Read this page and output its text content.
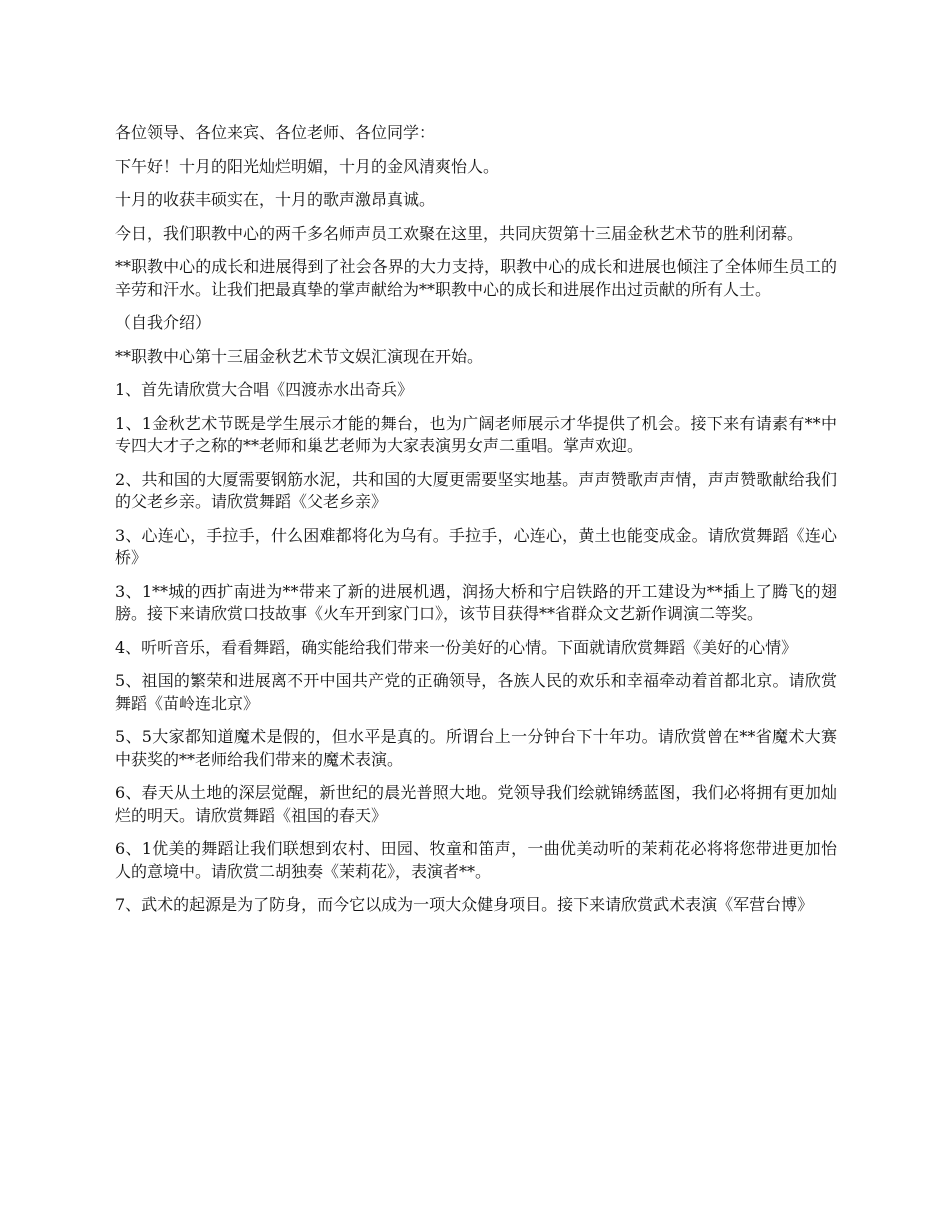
各位领导、各位来宾、各位老师、各位同学：

下午好！十月的阳光灿烂明媚，十月的金风清爽怡人。

十月的收获丰硕实在，十月的歌声激昂真诚。

今日，我们职教中心的两千多名师声员工欢聚在这里，共同庆贺第十三届金秋艺术节的胜利闭幕。

**职教中心的成长和进展得到了社会各界的大力支持，职教中心的成长和进展也倾注了全体师生员工的辛劳和汗水。让我们把最真挚的掌声献给为**职教中心的成长和进展作出过贡献的所有人士。

（自我介绍）

**职教中心第十三届金秋艺术节文娱汇演现在开始。

1、首先请欣赏大合唱《四渡赤水出奇兵》

1、1金秋艺术节既是学生展示才能的舞台，也为广阔老师展示才华提供了机会。接下来有请素有**中专四大才子之称的**老师和巢艺老师为大家表演男女声二重唱。掌声欢迎。

2、共和国的大厦需要钢筋水泥，共和国的大厦更需要坚实地基。声声赞歌声声情，声声赞歌献给我们的父老乡亲。请欣赏舞蹈《父老乡亲》

3、心连心，手拉手，什么困难都将化为乌有。手拉手，心连心，黄土也能变成金。请欣赏舞蹈《连心桥》

3、1**城的西扩南进为**带来了新的进展机遇，润扬大桥和宁启铁路的开工建设为**插上了腾飞的翅膀。接下来请欣赏口技故事《火车开到家门口》，该节目获得**省群众文艺新作调演二等奖。

4、听听音乐，看看舞蹈，确实能给我们带来一份美好的心情。下面就请欣赏舞蹈《美好的心情》

5、祖国的繁荣和进展离不开中国共产党的正确领导，各族人民的欢乐和幸福牵动着首都北京。请欣赏舞蹈《苗岭连北京》

5、5大家都知道魔术是假的，但水平是真的。所谓台上一分钟台下十年功。请欣赏曾在**省魔术大赛中获奖的**老师给我们带来的魔术表演。

6、春天从土地的深层觉醒，新世纪的晨光普照大地。党领导我们绘就锦绣蓝图，我们必将拥有更加灿烂的明天。请欣赏舞蹈《祖国的春天》

6、1优美的舞蹈让我们联想到农村、田园、牧童和笛声，一曲优美动听的茉莉花必将将您带进更加怡人的意境中。请欣赏二胡独奏《茉莉花》，表演者**。

7、武术的起源是为了防身，而今它以成为一项大众健身项目。接下来请欣赏武术表演《军营台博》
